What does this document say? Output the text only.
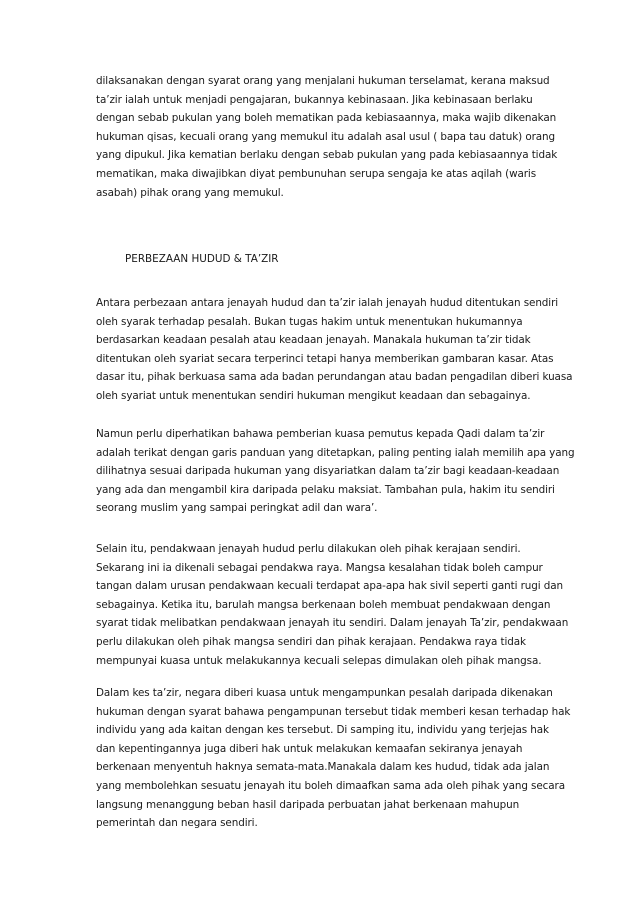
dilaksanakan dengan syarat orang yang menjalani hukuman terselamat, kerana maksud
ta’zir ialah untuk menjadi pengajaran, bukannya kebinasaan. Jika kebinasaan berlaku
dengan sebab pukulan yang boleh mematikan pada kebiasaannya, maka wajib dikenakan
hukuman qisas, kecuali orang yang memukul itu adalah asal usul ( bapa tau datuk) orang
yang dipukul. Jika kematian berlaku dengan sebab pukulan yang pada kebiasaannya tidak
mematikan, maka diwajibkan diyat pembunuhan serupa sengaja ke atas aqilah (waris
asabah) pihak orang yang memukul.

PERBEZAAN HUDUD & TA’ZIR

Antara perbezaan antara jenayah hudud dan ta’zir ialah jenayah hudud ditentukan sendiri
oleh syarak terhadap pesalah. Bukan tugas hakim untuk menentukan hukumannya
berdasarkan keadaan pesalah atau keadaan jenayah. Manakala hukuman ta’zir tidak
ditentukan oleh syariat secara terperinci tetapi hanya memberikan gambaran kasar. Atas
dasar itu, pihak berkuasa sama ada badan perundangan atau badan pengadilan diberi kuasa
oleh syariat untuk menentukan sendiri hukuman mengikut keadaan dan sebagainya.

Namun perlu diperhatikan bahawa pemberian kuasa pemutus kepada Qadi dalam ta’zir
adalah terikat dengan garis panduan yang ditetapkan, paling penting ialah memilih apa yang
dilihatnya sesuai daripada hukuman yang disyariatkan dalam ta’zir bagi keadaan-keadaan
yang ada dan mengambil kira daripada pelaku maksiat. Tambahan pula, hakim itu sendiri
seorang muslim yang sampai peringkat adil dan wara’.

Selain itu, pendakwaan jenayah hudud perlu dilakukan oleh pihak kerajaan sendiri.
Sekarang ini ia dikenali sebagai pendakwa raya. Mangsa kesalahan tidak boleh campur
tangan dalam urusan pendakwaan kecuali terdapat apa-apa hak sivil seperti ganti rugi dan
sebagainya. Ketika itu, barulah mangsa berkenaan boleh membuat pendakwaan dengan
syarat tidak melibatkan pendakwaan jenayah itu sendiri. Dalam jenayah Ta’zir, pendakwaan
perlu dilakukan oleh pihak mangsa sendiri dan pihak kerajaan. Pendakwa raya tidak
mempunyai kuasa untuk melakukannya kecuali selepas dimulakan oleh pihak mangsa.

Dalam kes ta’zir, negara diberi kuasa untuk mengampunkan pesalah daripada dikenakan
hukuman dengan syarat bahawa pengampunan tersebut tidak memberi kesan terhadap hak
individu yang ada kaitan dengan kes tersebut. Di samping itu, individu yang terjejas hak
dan kepentingannya juga diberi hak untuk melakukan kemaafan sekiranya jenayah
berkenaan menyentuh haknya semata-mata.Manakala dalam kes hudud, tidak ada jalan
yang membolehkan sesuatu jenayah itu boleh dimaafkan sama ada oleh pihak yang secara
langsung menanggung beban hasil daripada perbuatan jahat berkenaan mahupun
pemerintah dan negara sendiri.
